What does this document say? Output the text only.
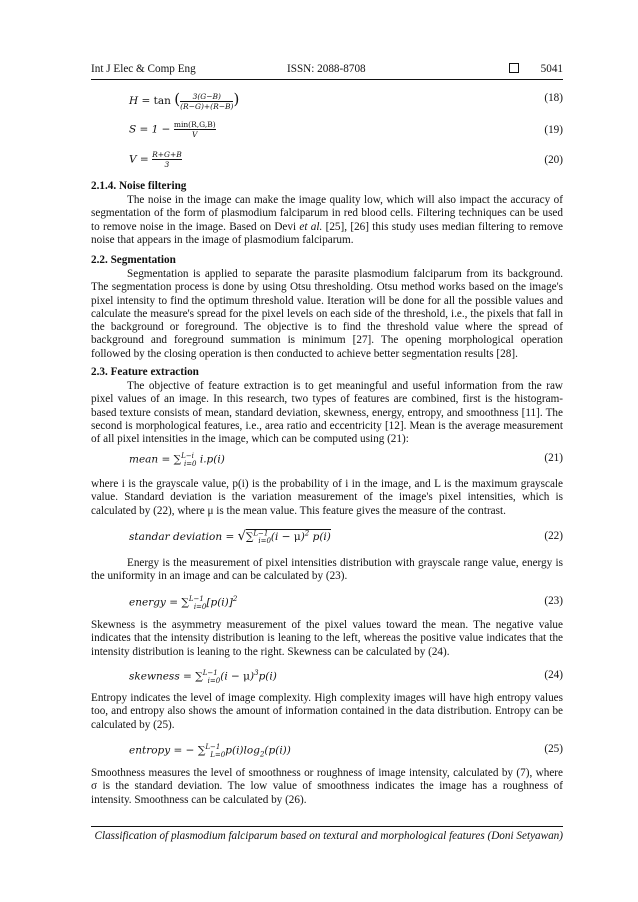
Int J Elec & Comp Eng	ISSN: 2088-8708	5041
H = tan ( $\frac{3(G-B)}{(R-G)+(R-B)}$ )	(18)
$S = 1 - \frac{\min(R,G,B)}{V}$	(19)
$V = \frac{R+G+B}{3}$	(20)
2.1.4. Noise filtering

The noise in the image can make the image quality low, which will also impact the accuracy of segmentation of the form of plasmodium falciparum in red blood cells. Filtering techniques can be used to remove noise in the image. Based on Devi et al. [25], [26] this study uses median filtering to remove noise that appears in the image of plasmodium falciparum.

2.2. Segmentation

Segmentation is applied to separate the parasite plasmodium falciparum from its background. The segmentation process is done by using Otsu thresholding. Otsu method works based on the image's pixel intensity to find the optimum threshold value. Iteration will be done for all the possible values and calculate the measure's spread for the pixel levels on each side of the threshold, i.e., the pixels that fall in the background or foreground. The objective is to find the threshold value where the spread of background and foreground summation is minimum [27]. The opening morphological operation followed by the closing operation is then conducted to achieve better segmentation results [28].

2.3. Feature extraction

The objective of feature extraction is to get meaningful and useful information from the raw pixel values of an image. In this research, two types of features are combined, first is the histogram-based texture consists of mean, standard deviation, skewness, energy, entropy, and smoothness [11]. The second is morphological features, i.e., area ratio and eccentricity [12]. Mean is the average measurement of all pixel intensities in the image, which can be computed using (21):

mean = ∑$^{L-i}_{i=0}$ i.p(i)	(21)

where i is the grayscale value, p(i) is the probability of i in the image, and L is the maximum grayscale value. Standard deviation is the variation measurement of the image's pixel intensities, which is calculated by (22), where μ is the mean value. This feature gives the measure of the contrast.

standar deviation = $√\sum^{L-1}_{i=0}(i - \mu)^2$ p(i)	(22)

Energy is the measurement of pixel intensities distribution with grayscale range value, energy is the uniformity in an image and can be calculated by (23).

energy = $\sum^{L-1}_{i=0}[p(i)]^2$	(23)

Skewness is the asymmetry measurement of the pixel values toward the mean. The negative value indicates that the intensity distribution is leaning to the left, whereas the positive value indicates that the intensity distribution is leaning to the right. Skewness can be calculated by (24).

skewness = $\sum^{L-1}_{i=0}(i - \mu)^3p(i)$	(24)

Entropy indicates the level of image complexity. High complexity images will have high entropy values too, and entropy also shows the amount of information contained in the data distribution. Entropy can be calculated by (25).

entropy = − $\sum^{L-1}_{L=0}p(i)\log_2(p(i))$	(25)

Smoothness measures the level of smoothness or roughness of image intensity, calculated by (7), where σ is the standard deviation. The low value of smoothness indicates the image has a roughness of intensity. Smoothness can be calculated by (26).

Classification of plasmodium falciparum based on textural and morphological features (Doni Setyawan)
